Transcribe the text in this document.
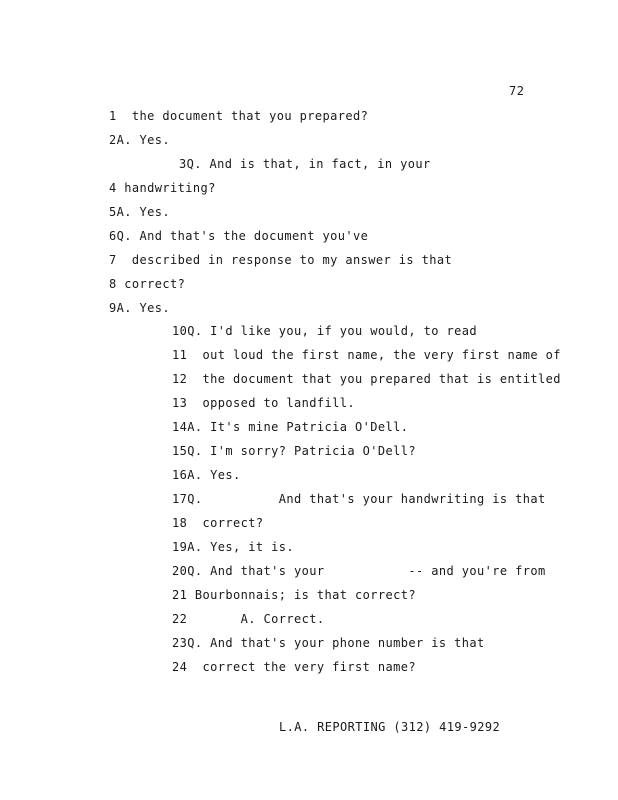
72
1  the document that you prepared?
2A. Yes.
3Q. And is that, in fact, in your
4 handwriting?
5A. Yes.
6Q. And that's the document you've
7  described in response to my answer is that
8 correct?
9A. Yes.
10Q. I'd like you, if you would, to read
11  out loud the first name, the very first name of
12  the document that you prepared that is entitled
13  opposed to landfill.
14A. It's mine Patricia O'Dell.
15Q. I'm sorry? Patricia O'Dell?
16A. Yes.
17Q.          And that's your handwriting is that
18  correct?
19A. Yes, it is.
20Q. And that's your           -- and you're from
21 Bourbonnais; is that correct?
22       A. Correct.
23Q. And that's your phone number is that
24  correct the very first name?
L.A. REPORTING (312) 419-9292
